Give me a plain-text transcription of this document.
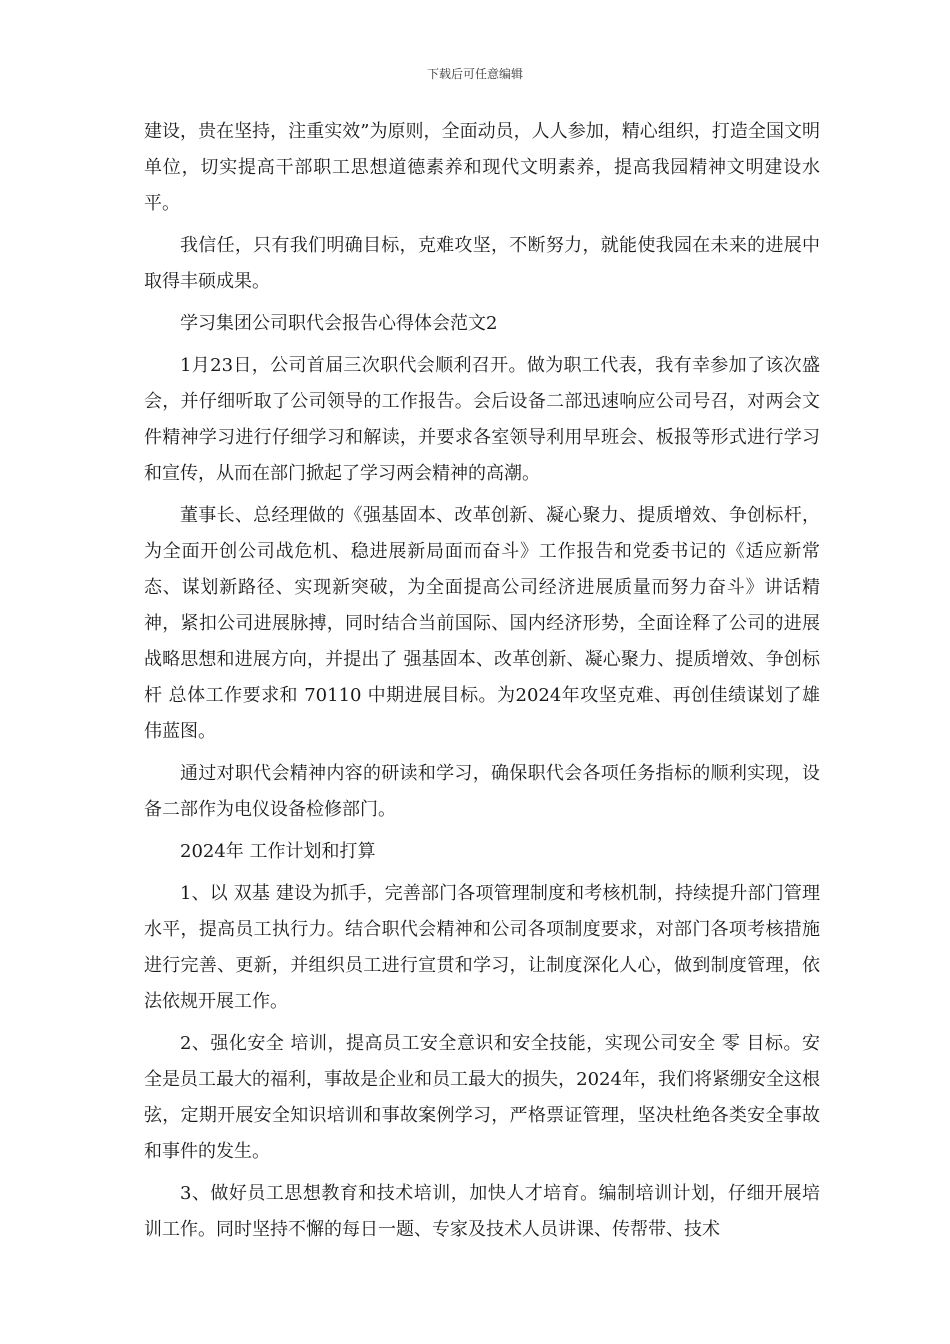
下载后可任意编辑

建设，贵在坚持，注重实效”为原则，全面动员，人人参加，精心组织，打造全国文明单位，切实提高干部职工思想道德素养和现代文明素养，提高我园精神文明建设水平。

我信任，只有我们明确目标，克难攻坚，不断努力，就能使我园在未来的进展中取得丰硕成果。

学习集团公司职代会报告心得体会范文2

1月23日，公司首届三次职代会顺利召开。做为职工代表，我有幸参加了该次盛会，并仔细听取了公司领导的工作报告。会后设备二部迅速响应公司号召，对两会文件精神学习进行仔细学习和解读，并要求各室领导利用早班会、板报等形式进行学习和宣传，从而在部门掀起了学习两会精神的高潮。

董事长、总经理做的《强基固本、改革创新、凝心聚力、提质增效、争创标杆，为全面开创公司战危机、稳进展新局面而奋斗》工作报告和党委书记的《适应新常态、谋划新路径、实现新突破，为全面提高公司经济进展质量而努力奋斗》讲话精神，紧扣公司进展脉搏，同时结合当前国际、国内经济形势，全面诠释了公司的进展战略思想和进展方向，并提出了 强基固本、改革创新、凝心聚力、提质增效、争创标杆 总体工作要求和 70110 中期进展目标。为2024年攻坚克难、再创佳绩谋划了雄伟蓝图。

通过对职代会精神内容的研读和学习，确保职代会各项任务指标的顺利实现，设备二部作为电仪设备检修部门。

2024年 工作计划和打算

1、以 双基 建设为抓手，完善部门各项管理制度和考核机制，持续提升部门管理水平，提高员工执行力。结合职代会精神和公司各项制度要求，对部门各项考核措施进行完善、更新，并组织员工进行宣贯和学习，让制度深化人心，做到制度管理，依法依规开展工作。

2、强化安全 培训，提高员工安全意识和安全技能，实现公司安全 零 目标。安全是员工最大的福利，事故是企业和员工最大的损失，2024年，我们将紧绷安全这根弦，定期开展安全知识培训和事故案例学习，严格票证管理，坚决杜绝各类安全事故和事件的发生。

3、做好员工思想教育和技术培训，加快人才培育。编制培训计划，仔细开展培训工作。同时坚持不懈的每日一题、专家及技术人员讲课、传帮带、技术
